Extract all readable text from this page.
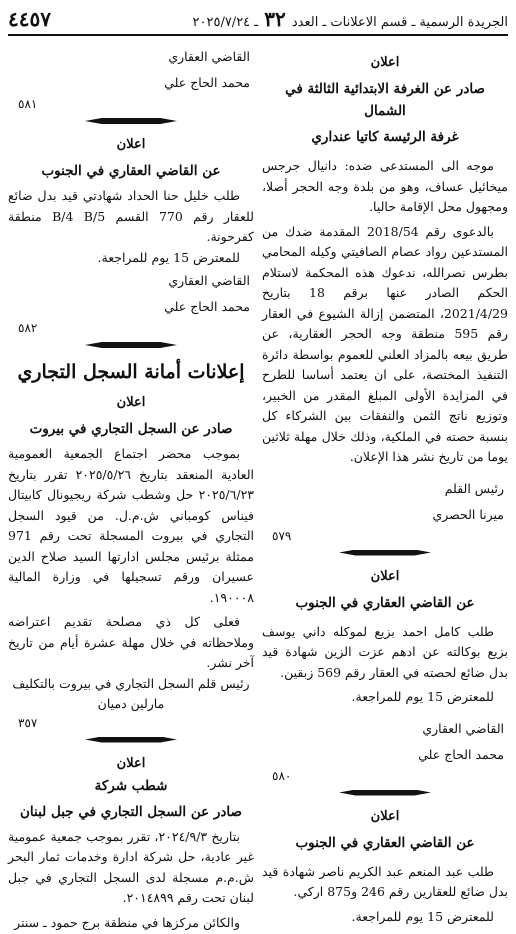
الجريدة الرسمية ـ قسم الاعلانات ـ العدد ٣٢ ـ ٢٠٢٥/٧/٢٤
٤٤٥٧
اعلان
صادر عن الغرفة الابتدائية الثالثة في الشمال
غرفة الرئيسة كاتيا عنداري
موجه الى المستدعى ضده: دانيال جرجس ميخائيل عساف، وهو من بلدة وجه الحجر أصلا، ومجهول محل الإقامة حاليا.
بالدعوى رقم 2018/54 المقدمة ضدك من المستدعين رواد عصام الصافيتي وكيله المحامي بطرس نصرالله، ندعوك هذه المحكمة لاستلام الحكم الصادر عنها برقم 18 بتاريخ 2021/4/29، المتضمن إزالة الشيوع في العقار رقم 595 منطقة وجه الحجر العقارية، عن طريق بيعه بالمزاد العلني للعموم بواسطة دائرة التنفيذ المختصة، على ان يعتمد أساسا للطرح في المزايدة الأولى المبلغ المقدر من الخبير، وتوزيع ناتج الثمن والنفقات بين الشركاء كل بنسبة حصته في الملكية، وذلك خلال مهلة ثلاثين يوما من تاريخ نشر هذا الإعلان.
رئيس القلم
ميرنا الحصري
٥٧٩
اعلان
عن القاضي العقاري في الجنوب
طلب كامل احمد بزيع لموكله داني يوسف بزيع بوكالته عن ادهم عزت الزين شهادة قيد بدل ضائع لحصته في العقار رقم 569 زبقين.
للمعترض 15 يوم للمراجعة.
القاضي العقاري
محمد الحاج علي
٥٨٠
اعلان
عن القاضي العقاري في الجنوب
طلب عبد المنعم عبد الكريم ناصر شهادة قيد بدل ضائع للعقارين رقم 246 و875 اركي.
للمعترض 15 يوم للمراجعة.
القاضي العقاري
محمد الحاج علي
٥٨١
اعلان
عن القاضي العقاري في الجنوب
طلب خليل حنا الحداد شهادتي قيد بدل ضائع للعقار رقم 770 القسم B/4 B/5 منطقة كفرحونة.
للمعترض 15 يوم للمراجعة.
القاضي العقاري
محمد الحاج علي
٥٨٢
إعلانات أمانة السجل التجاري
اعلان
صادر عن السجل التجاري في بيروت
بموجب محضر اجتماع الجمعية العمومية العادية المنعقد بتاريخ ٢٠٢٥/٥/٢٦ تقرر بتاريخ ٢٠٢٥/٦/٢٣ حل وشطب شركة ريجيونال كابيتال فيناس كومباني ش.م.ل. من قيود السجل التجاري في بيروت المسجلة تحت رقم 971 ممثلة برئيس مجلس ادارتها السيد صلاح الدين عسيران ورقم تسجيلها في وزارة المالية ١٩٠٠٠٨.
فعلى كل ذي مصلحة تقديم اعتراضه وملاحظاته في خلال مهلة عشرة أيام من تاريخ آخر نشر.
رئيس قلم السجل التجاري في بيروت بالتكليف
مارلين دميان
٣٥٧
اعلان
شطب شركة
صادر عن السجل التجاري في جبل لبنان
بتاريخ ٢٠٢٤/٩/٣، تقرر بموجب جمعية عمومية غير عادية، حل شركة ادارة وخدمات ثمار البحر ش.م.م مسجلة لدى السجل التجاري في جبل لبنان تحت رقم ٢٠١٤٨٩٩.
والكائن مركزها في منطقة برج حمود ـ سنتر
